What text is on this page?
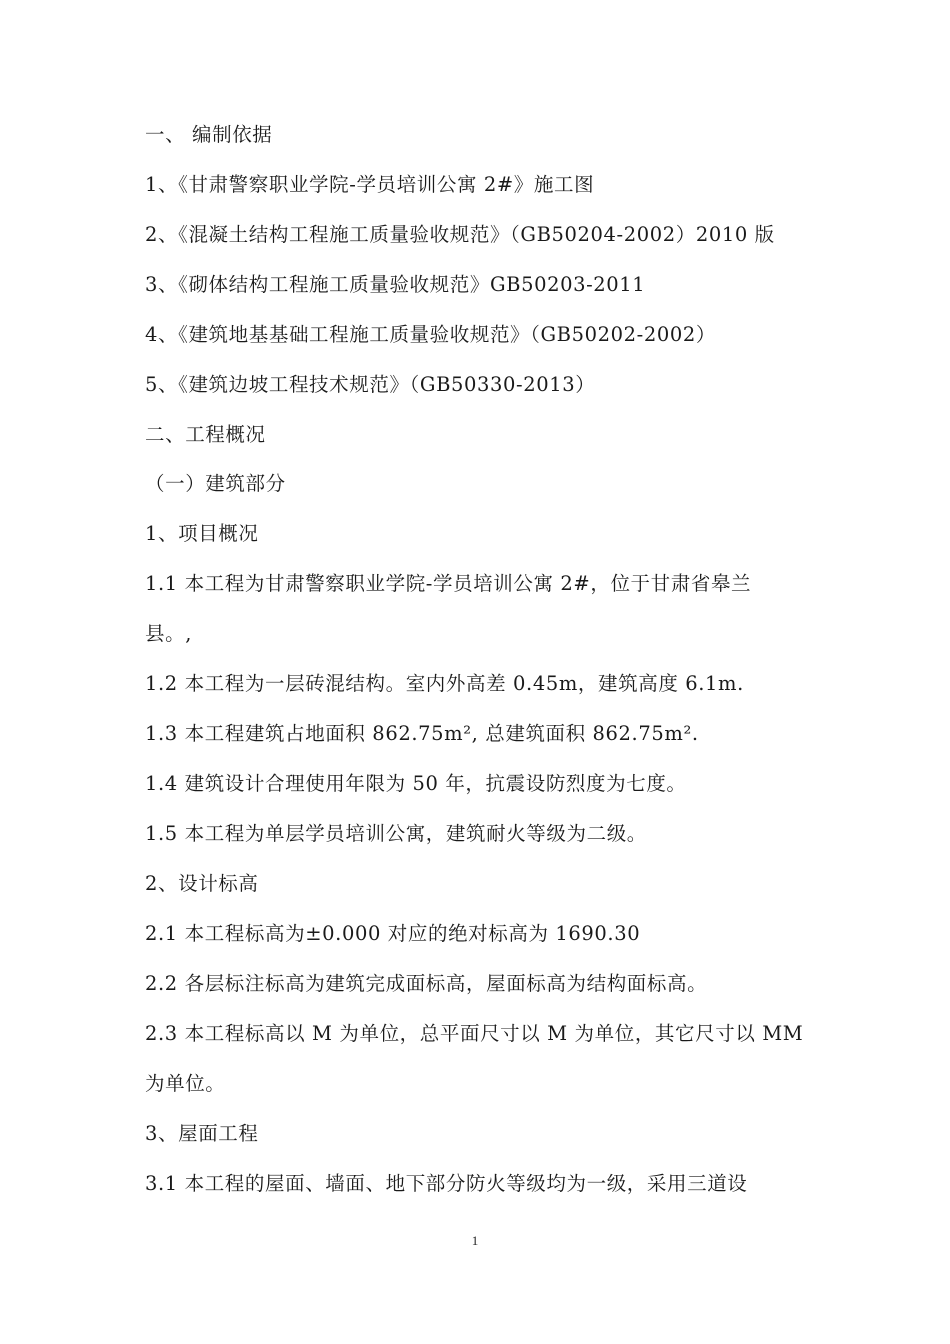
一、 编制依据
1、《甘肃警察职业学院-学员培训公寓 2#》施工图
2、《混凝土结构工程施工质量验收规范》（GB50204-2002）2010 版
3、《砌体结构工程施工质量验收规范》GB50203-2011
4、《建筑地基基础工程施工质量验收规范》（GB50202-2002）
5、《建筑边坡工程技术规范》（GB50330-2013）
二、工程概况
（一）建筑部分
1、项目概况
1.1 本工程为甘肃警察职业学院-学员培训公寓 2#，位于甘肃省皋兰
县。,
1.2 本工程为一层砖混结构。室内外高差 0.45m，建筑高度 6.1m.
1.3 本工程建筑占地面积 862.75m², 总建筑面积 862.75m².
1.4 建筑设计合理使用年限为 50 年，抗震设防烈度为七度。
1.5 本工程为单层学员培训公寓，建筑耐火等级为二级。
2、设计标高
2.1 本工程标高为±0.000 对应的绝对标高为 1690.30
2.2 各层标注标高为建筑完成面标高，屋面标高为结构面标高。
2.3 本工程标高以 M 为单位，总平面尺寸以 M 为单位，其它尺寸以 MM
为单位。
3、屋面工程
3.1 本工程的屋面、墙面、地下部分防火等级均为一级，采用三道设
1
